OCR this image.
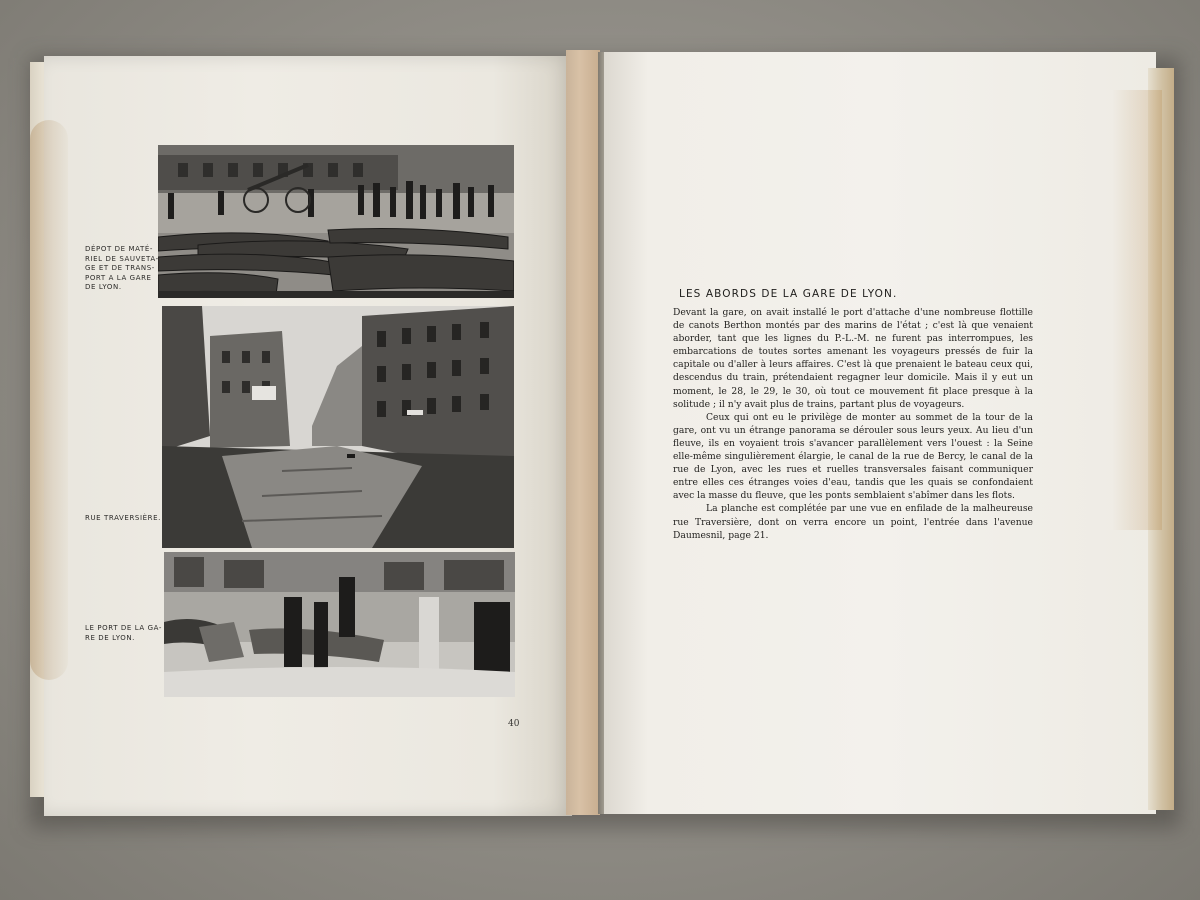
DÉPOT DE MATÉ-RIEL DE SAUVETA-GE ET DE TRANS-PORT A LA GARE DE LYON.

RUE TRAVERSIÈRE.

LE PORT DE LA GA-RE DE LYON.

40

LES ABORDS DE LA GARE DE LYON.

Devant la gare, on avait installé le port d'attache d'une nombreuse flottille de canots Berthon montés par des marins de l'état ; c'est là que venaient aborder, tant que les lignes du P.-L.-M. ne furent pas interrompues, les embarcations de toutes sortes amenant les voyageurs pressés de fuir la capitale ou d'aller à leurs affaires. C'est là que prenaient le bateau ceux qui, descendus du train, prétendaient regagner leur domicile. Mais il y eut un moment, le 28, le 29, le 30, où tout ce mouvement fit place presque à la solitude ; il n'y avait plus de trains, partant plus de voyageurs.

Ceux qui ont eu le privilège de monter au sommet de la tour de la gare, ont vu un étrange panorama se dérouler sous leurs yeux. Au lieu d'un fleuve, ils en voyaient trois s'avancer parallèlement vers l'ouest : la Seine elle-même singulièrement élargie, le canal de la rue de Bercy, le canal de la rue de Lyon, avec les rues et ruelles transversales faisant communiquer entre elles ces étranges voies d'eau, tandis que les quais se confondaient avec la masse du fleuve, que les ponts semblaient s'abîmer dans les flots.

La planche est complétée par une vue en enfilade de la malheureuse rue Traversière, dont on verra encore un point, l'entrée dans l'avenue Daumesnil, page 21.
